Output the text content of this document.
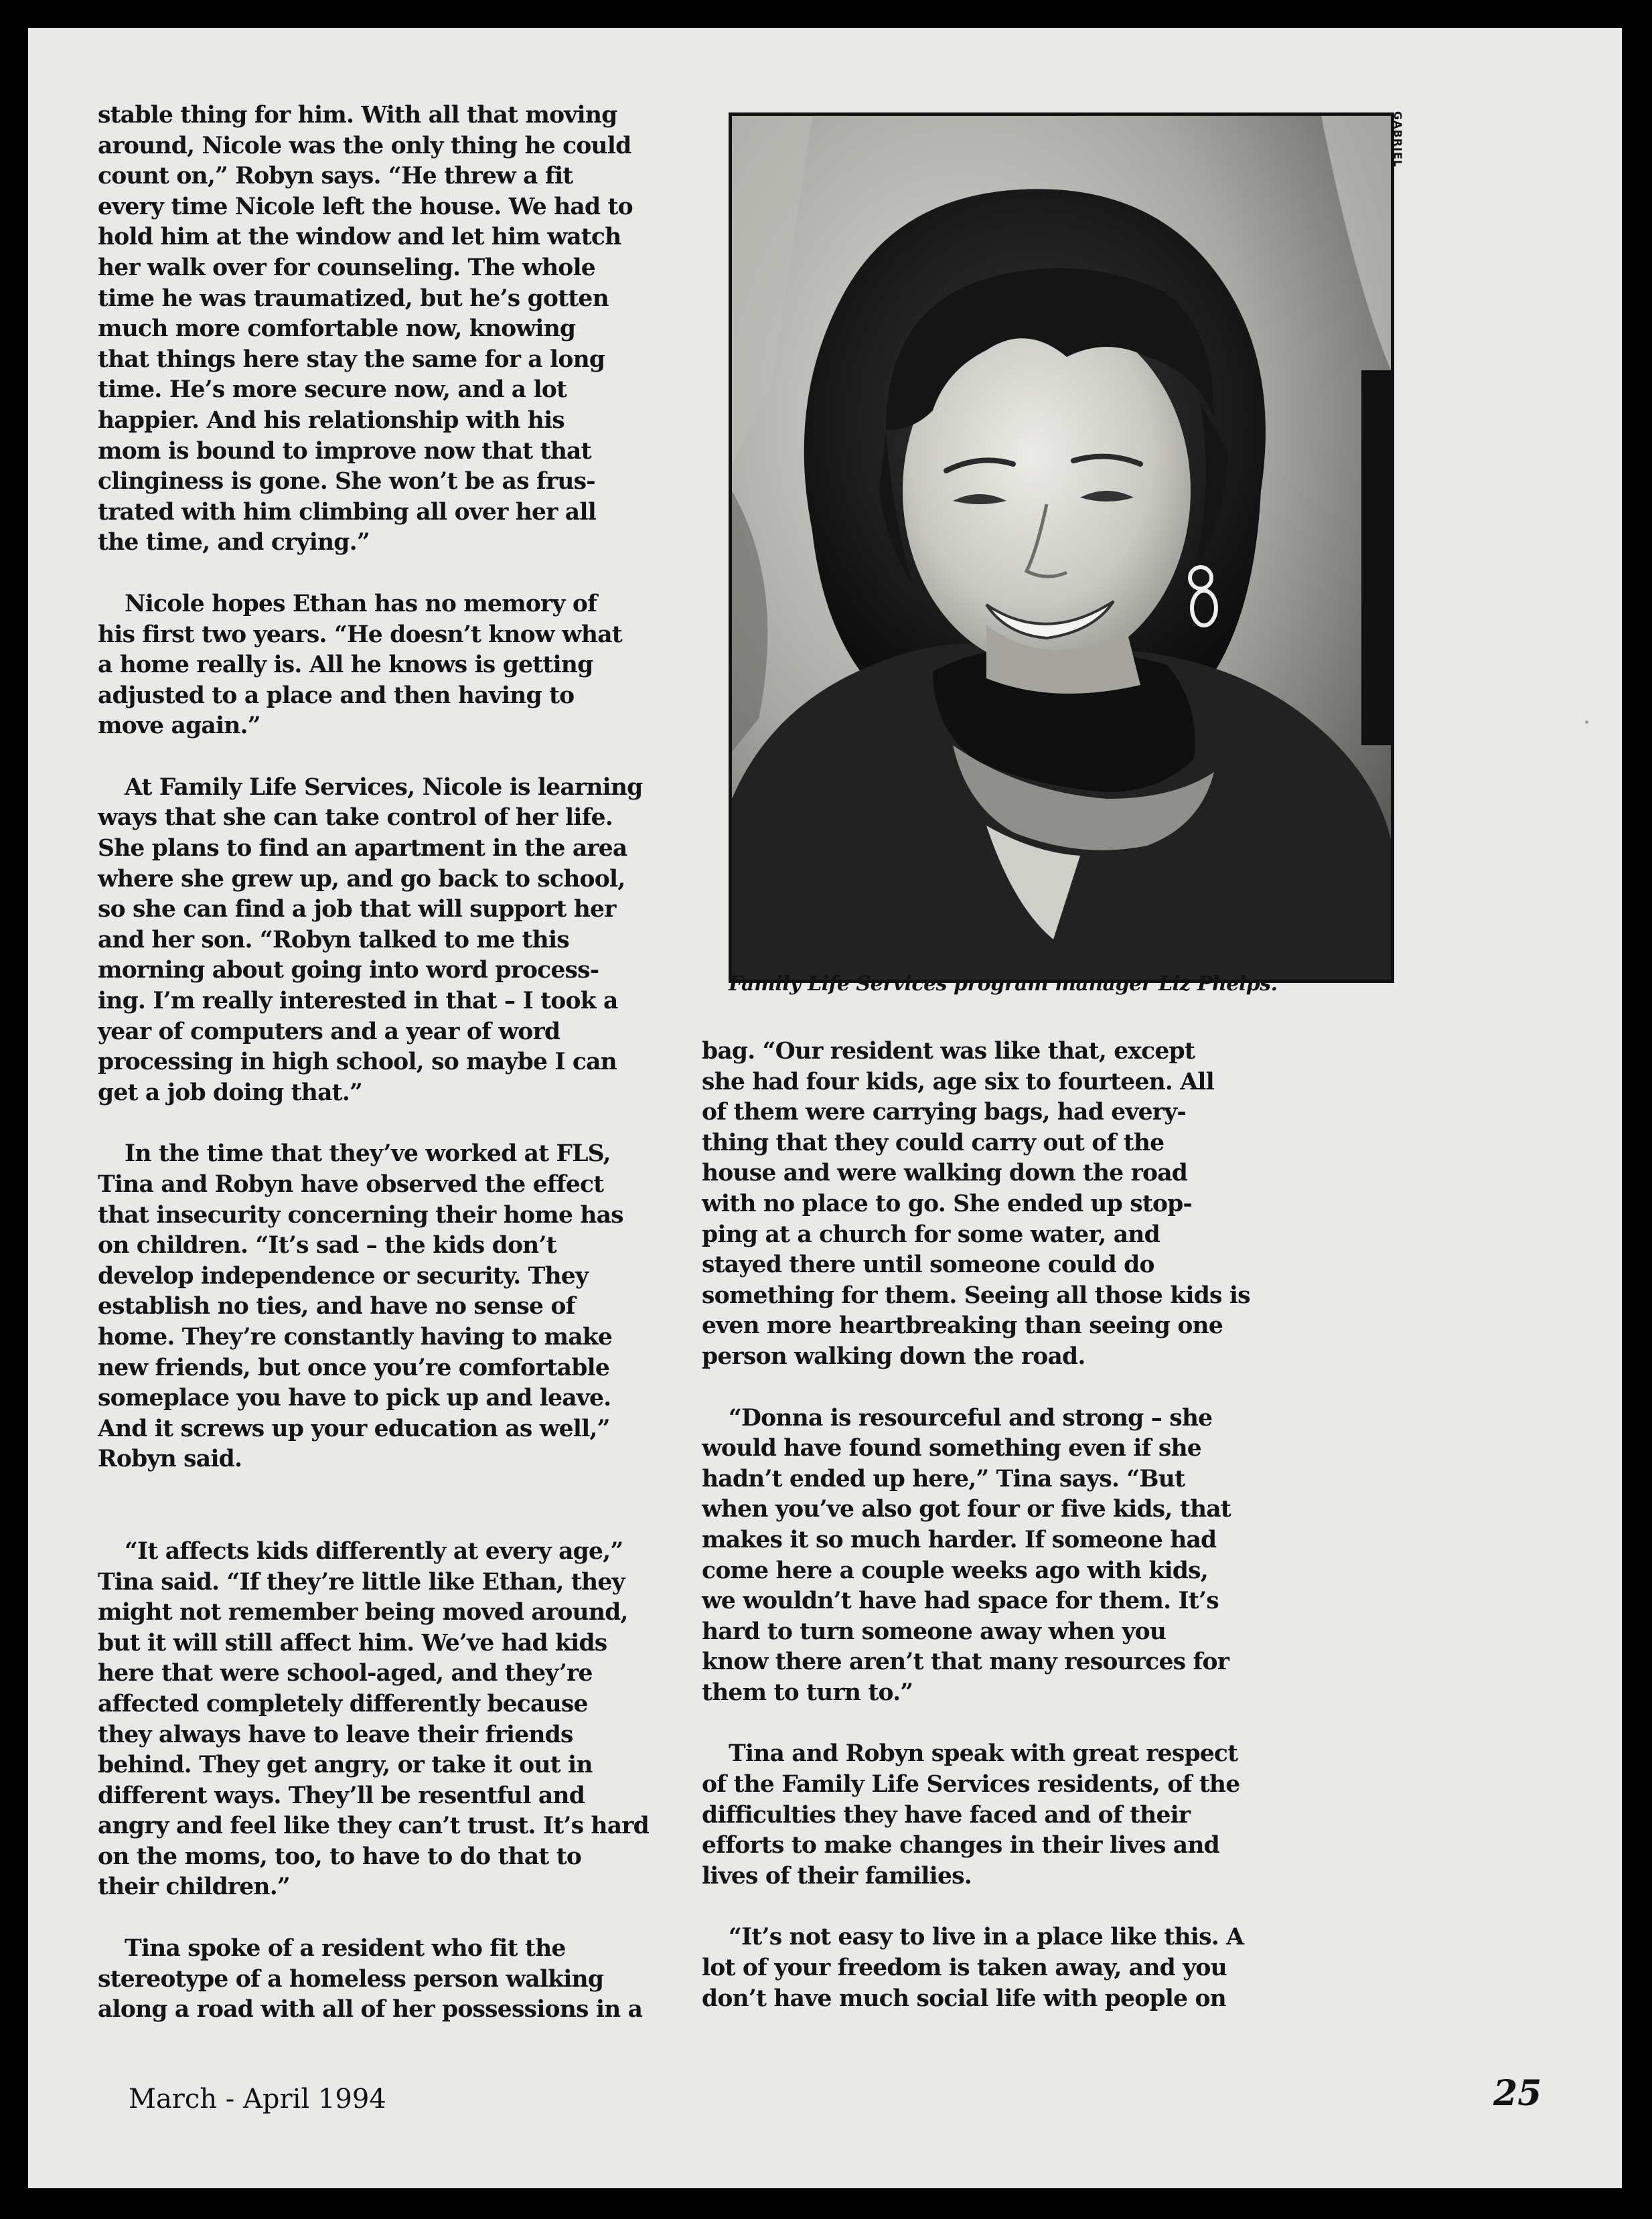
stable thing for him. With all that moving
around, Nicole was the only thing he could
count on,” Robyn says. “He threw a fit
every time Nicole left the house. We had to
hold him at the window and let him watch
her walk over for counseling. The whole
time he was traumatized, but he’s gotten
much more comfortable now, knowing
that things here stay the same for a long
time. He’s more secure now, and a lot
happier. And his relationship with his
mom is bound to improve now that that
clinginess is gone. She won’t be as frus-
trated with him climbing all over her all
the time, and crying.”
Nicole hopes Ethan has no memory of
his first two years. “He doesn’t know what
a home really is. All he knows is getting
adjusted to a place and then having to
move again.”
At Family Life Services, Nicole is learning
ways that she can take control of her life.
She plans to find an apartment in the area
where she grew up, and go back to school,
so she can find a job that will support her
and her son. “Robyn talked to me this
morning about going into word process-
ing. I’m really interested in that – I took a
year of computers and a year of word
processing in high school, so maybe I can
get a job doing that.”
In the time that they’ve worked at FLS,
Tina and Robyn have observed the effect
that insecurity concerning their home has
on children. “It’s sad – the kids don’t
develop independence or security. They
establish no ties, and have no sense of
home. They’re constantly having to make
new friends, but once you’re comfortable
someplace you have to pick up and leave.
And it screws up your education as well,”
Robyn said.
“It affects kids differently at every age,”
Tina said. “If they’re little like Ethan, they
might not remember being moved around,
but it will still affect him. We’ve had kids
here that were school-aged, and they’re
affected completely differently because
they always have to leave their friends
behind. They get angry, or take it out in
different ways. They’ll be resentful and
angry and feel like they can’t trust. It’s hard
on the moms, too, to have to do that to
their children.”
Tina spoke of a resident who fit the
stereotype of a homeless person walking
along a road with all of her possessions in a
GABRIEL
Family Life Services program manager Liz Phelps.
bag. “Our resident was like that, except
she had four kids, age six to fourteen. All
of them were carrying bags, had every-
thing that they could carry out of the
house and were walking down the road
with no place to go. She ended up stop-
ping at a church for some water, and
stayed there until someone could do
something for them. Seeing all those kids is
even more heartbreaking than seeing one
person walking down the road.
“Donna is resourceful and strong – she
would have found something even if she
hadn’t ended up here,” Tina says. “But
when you’ve also got four or five kids, that
makes it so much harder. If someone had
come here a couple weeks ago with kids,
we wouldn’t have had space for them. It’s
hard to turn someone away when you
know there aren’t that many resources for
them to turn to.”
Tina and Robyn speak with great respect
of the Family Life Services residents, of the
difficulties they have faced and of their
efforts to make changes in their lives and
lives of their families.
“It’s not easy to live in a place like this. A
lot of your freedom is taken away, and you
don’t have much social life with people on
March - April 1994	25
